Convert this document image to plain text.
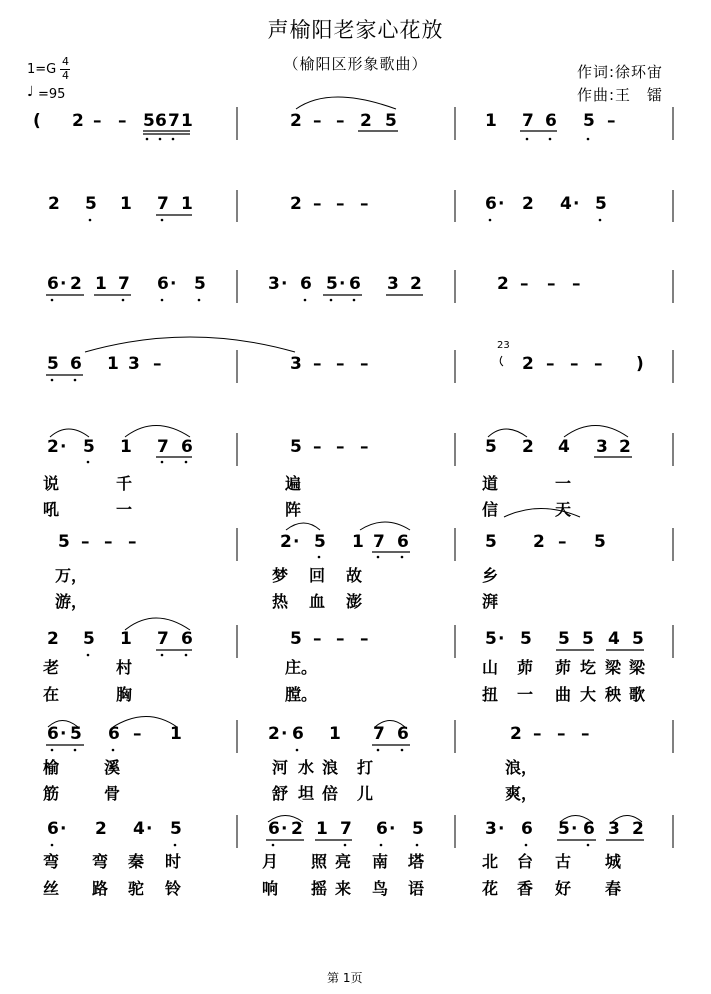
声榆阳老家心花放
（榆阳区形象歌曲）
1=G
4
4
♩ =95
作词:徐环宙
作曲:王　镭
( 2 – – 5 6 7 1	2 – – 2 5	1 7 6 5 –
2 5 1 7 1	2 – – –	6 · 2 4 · 5
6 · 2 1 7 6 · 5	3 · 6 5 · 6 3 2	2 – – –
5 6 1 3 –	3 – – –	2 – – – )
2 · 5 1 7 6	5 – – –	5 2 4 3 2
5 – – –	2 · 5 1 7 6	5 2 – 5
2 5 1 7 6	5 – – –	5 · 5 5 5 4 5
6 · 5 6 – 1	2 · 6 1 7 6	2 – – –
6 · 2 4 · 5	6 · 2 1 7 6 · 5	3 · 6 5 · 6 3 2
说	千	遍	道	一
吼	一	阵	信	天
万，	梦 回 故	乡
游，	热 血 澎	湃
老	村	庄。	山 茆 茆 圪 梁 梁
在	胸	膛。	扭 一 曲 大 秧 歌
榆	溪	河 水 浪 打	浪，
筋	骨	舒 坦 倍 儿	爽，
弯 弯 秦 时	月 照 亮 南 塔	北 台 古 城
丝 路 驼 铃	响 摇 来 鸟 语	花 香 好 春
23
第 1页
